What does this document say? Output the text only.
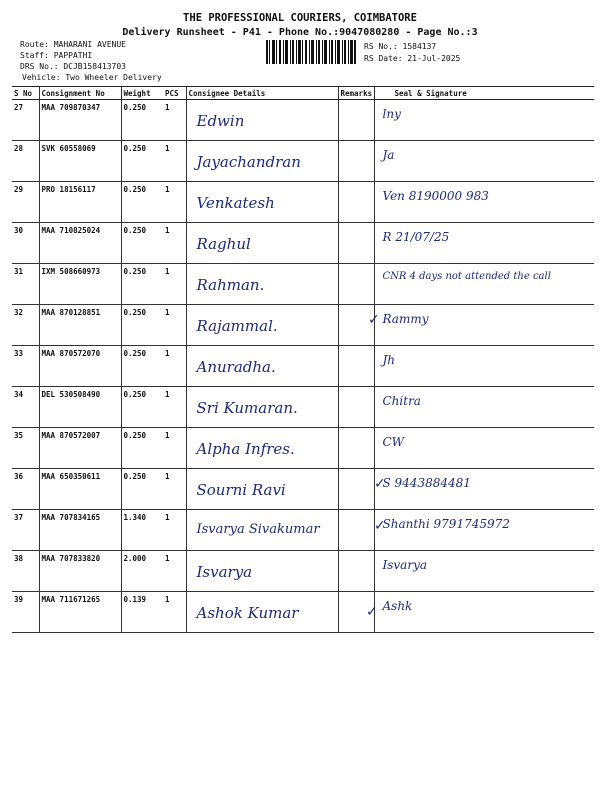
THE PROFESSIONAL COURIERS, COIMBATORE
Delivery Runsheet - P41 - Phone No.:9047080280 - Page No.:3
Route: MAHARANI AVENUE
Staff: PAPPATHI
DRS No.: DCJB158413703
Vehicle: Two Wheeler Delivery
RS No.: 1584137
RS Date: 21-Jul-2025
S No	Consignment No	Weight	PCS	Consignee Details	Remarks	Seal & Signature
27	MAA 709870347	0.250	1	Edwin		lny

28	SVK 60558069	0.250	1	Jayachandran		Ja

29	PRO 18156117	0.250	1	Venkatesh		Ven 8190000 983

30	MAA 710825024	0.250	1	Raghul		R 21/07/25

31	IXM 508660973	0.250	1	Rahman.		CNR 4 days not attended the call

32	MAA 870128851	0.250	1	Rajammal.		Rammy

33	MAA 870572070	0.250	1	Anuradha.		Jh

34	DEL 530508490	0.250	1	Sri Kumaran.		Chitra

35	MAA 870572007	0.250	1	Alpha Infres.		CW

36	MAA 650350611	0.250	1	Sourni Ravi		S 9443884481

37	MAA 707834165	1.340	1	Isvarya Sivakumar		Shanthi 9791745972

38	MAA 707833820	2.000	1	Isvarya		Isvarya

39	MAA 711671265	0.139	1	Ashok Kumar		Ashk
✓
✓
✓
✓
